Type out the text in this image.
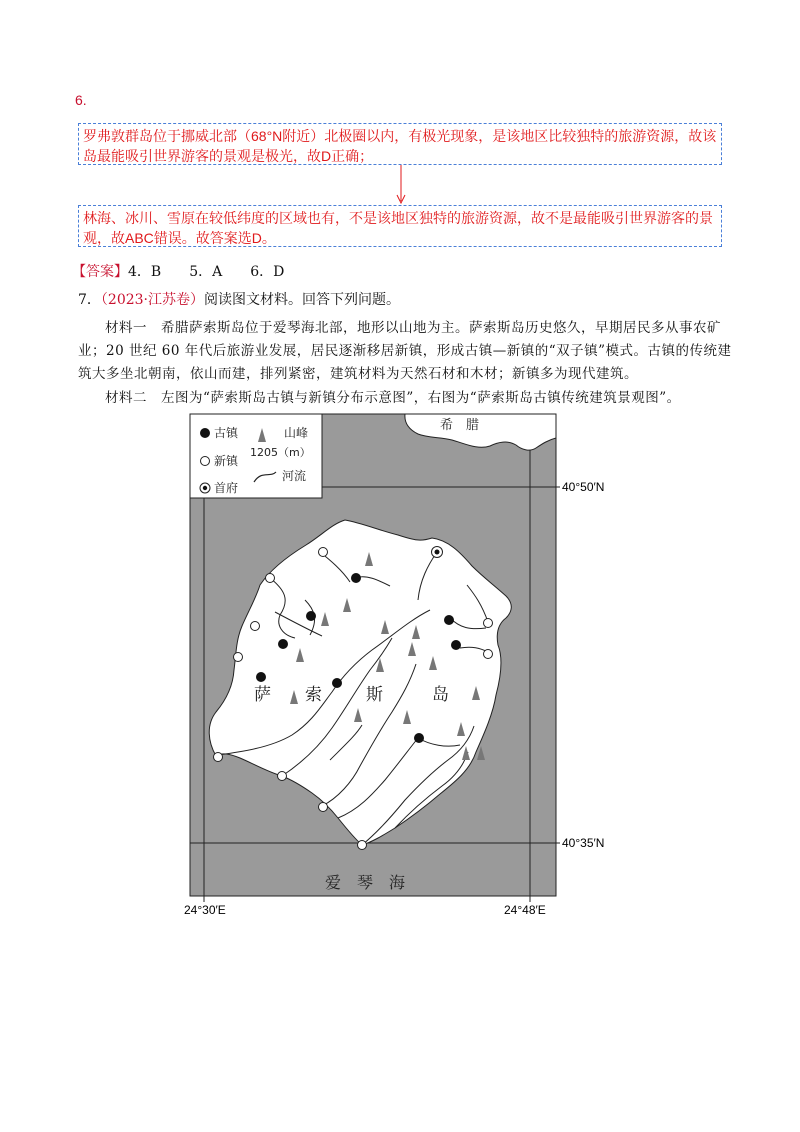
6.
罗弗敦群岛位于挪威北部（68°N附近）北极圈以内，有极光现象，是该地区比较独特的旅游资源，故该岛最能吸引世界游客的景观是极光，故D正确；
林海、冰川、雪原在较低纬度的区域也有，不是该地区独特的旅游资源，故不是最能吸引世界游客的景观，故ABC错误。故答案选D。
【答案】4．B　　5．A　　6．D
7．（2023·江苏卷）阅读图文材料。回答下列问题。
材料一　希腊萨索斯岛位于爱琴海北部，地形以山地为主。萨索斯岛历史悠久，早期居民多从事农矿业；20 世纪 60 年代后旅游业发展，居民逐渐移居新镇，形成古镇—新镇的“双子镇”模式。古镇的传统建筑大多坐北朝南，依山而建，排列紧密，建筑材料为天然石材和木材；新镇多为现代建筑。
材料二　左图为“萨索斯岛古镇与新镇分布示意图”，右图为“萨索斯岛古镇传统建筑景观图”。
希　腊
萨 索	斯	岛
爱　琴　海
古镇
新镇
首府
山峰
1205（m）
河流
40°50′N
40°35′N
24°30′E	24°48′E
